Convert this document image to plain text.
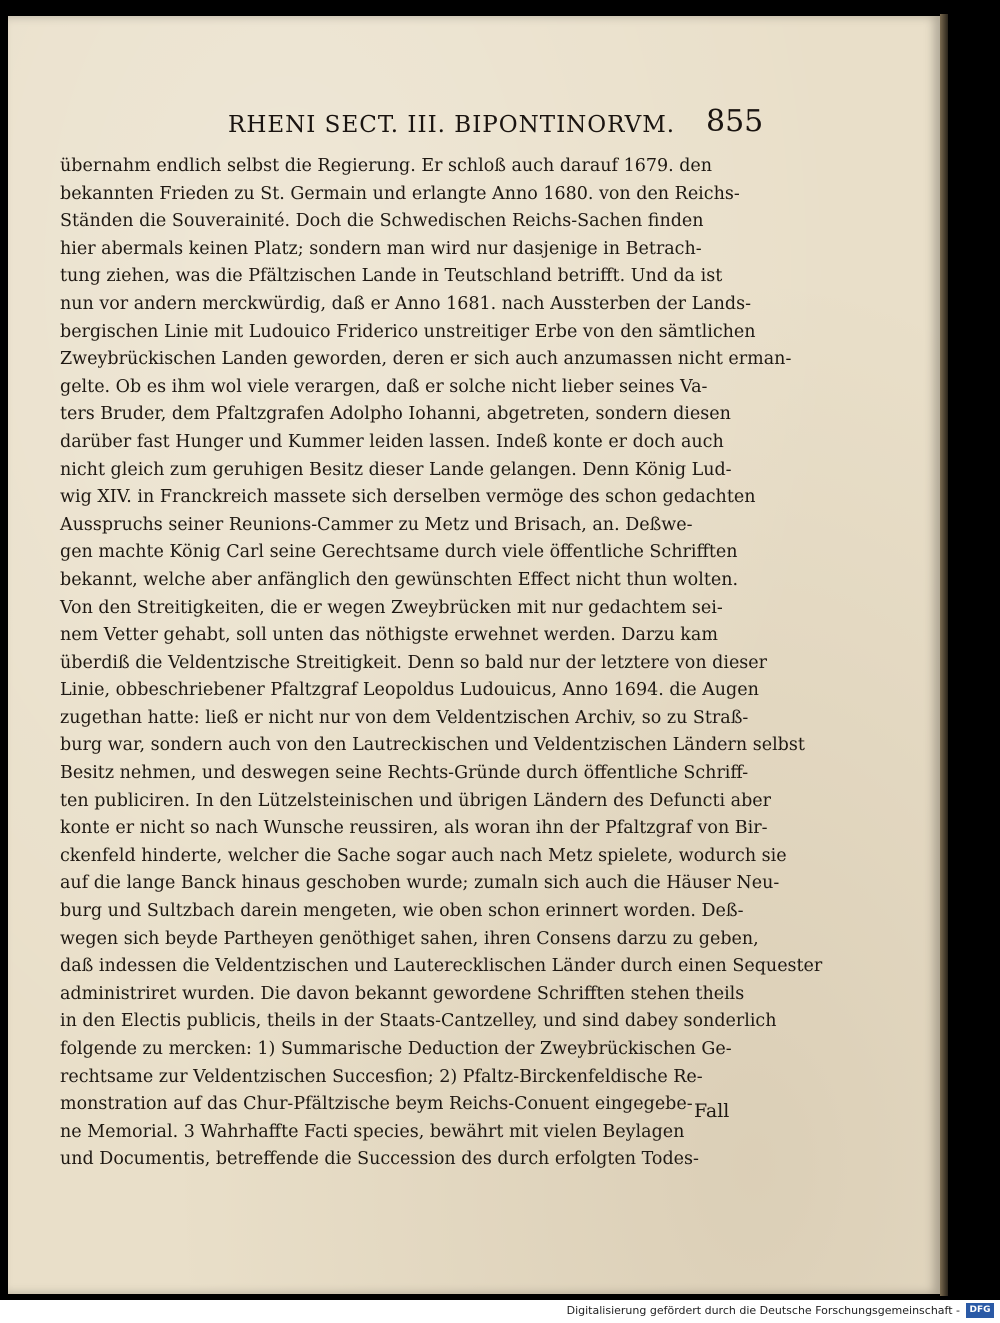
RHENI SECT. III. BIPONTINORVM. 855
übernahm endlich selbst die Regierung. Er schloß auch darauf 1679. den
bekannten Frieden zu St. Germain und erlangte Anno 1680. von den Reichs-
Ständen die Souverainité. Doch die Schwedischen Reichs-Sachen finden
hier abermals keinen Platz; sondern man wird nur dasjenige in Betrach-
tung ziehen, was die Pfältzischen Lande in Teutschland betrifft. Und da ist
nun vor andern merckwürdig, daß er Anno 1681. nach Aussterben der Lands-
bergischen Linie mit Ludouico Friderico unstreitiger Erbe von den sämtlichen
Zweybrückischen Landen geworden, deren er sich auch anzumassen nicht erman-
gelte. Ob es ihm wol viele verargen, daß er solche nicht lieber seines Va-
ters Bruder, dem Pfaltzgrafen Adolpho Iohanni, abgetreten, sondern diesen
darüber fast Hunger und Kummer leiden lassen. Indeß konte er doch auch
nicht gleich zum geruhigen Besitz dieser Lande gelangen. Denn König Lud-
wig XIV. in Franckreich massete sich derselben vermöge des schon gedachten
Ausspruchs seiner Reunions-Cammer zu Metz und Brisach, an. Deßwe-
gen machte König Carl seine Gerechtsame durch viele öffentliche Schrifften
bekannt, welche aber anfänglich den gewünschten Effect nicht thun wolten.
Von den Streitigkeiten, die er wegen Zweybrücken mit nur gedachtem sei-
nem Vetter gehabt, soll unten das nöthigste erwehnet werden. Darzu kam
überdiß die Veldentzische Streitigkeit. Denn so bald nur der letztere von dieser
Linie, obbeschriebener Pfaltzgraf Leopoldus Ludouicus, Anno 1694. die Augen
zugethan hatte: ließ er nicht nur von dem Veldentzischen Archiv, so zu Straß-
burg war, sondern auch von den Lautreckischen und Veldentzischen Ländern selbst
Besitz nehmen, und deswegen seine Rechts-Gründe durch öffentliche Schriff-
ten publiciren. In den Lützelsteinischen und übrigen Ländern des Defuncti aber
konte er nicht so nach Wunsche reussiren, als woran ihn der Pfaltzgraf von Bir-
ckenfeld hinderte, welcher die Sache sogar auch nach Metz spielete, wodurch sie
auf die lange Banck hinaus geschoben wurde; zumaln sich auch die Häuser Neu-
burg und Sultzbach darein mengeten, wie oben schon erinnert worden. Deß-
wegen sich beyde Partheyen genöthiget sahen, ihren Consens darzu zu geben,
daß indessen die Veldentzischen und Lauterecklischen Länder durch einen Sequester
administriret wurden. Die davon bekannt gewordene Schrifften stehen theils
in den Electis publicis, theils in der Staats-Cantzelley, und sind dabey sonderlich
folgende zu mercken: 1) Summarische Deduction der Zweybrückischen Ge-
rechtsame zur Veldentzischen Succesfion; 2) Pfaltz-Birckenfeldische Re-
monstration auf das Chur-Pfältzische beym Reichs-Conuent eingegebe-
ne Memorial. 3 Wahrhaffte Facti species, bewährt mit vielen Beylagen
und Documentis, betreffende die Succession des durch erfolgten Todes-
Fall
Digitalisierung gefördert durch die Deutsche Forschungsgemeinschaft -	DFG
